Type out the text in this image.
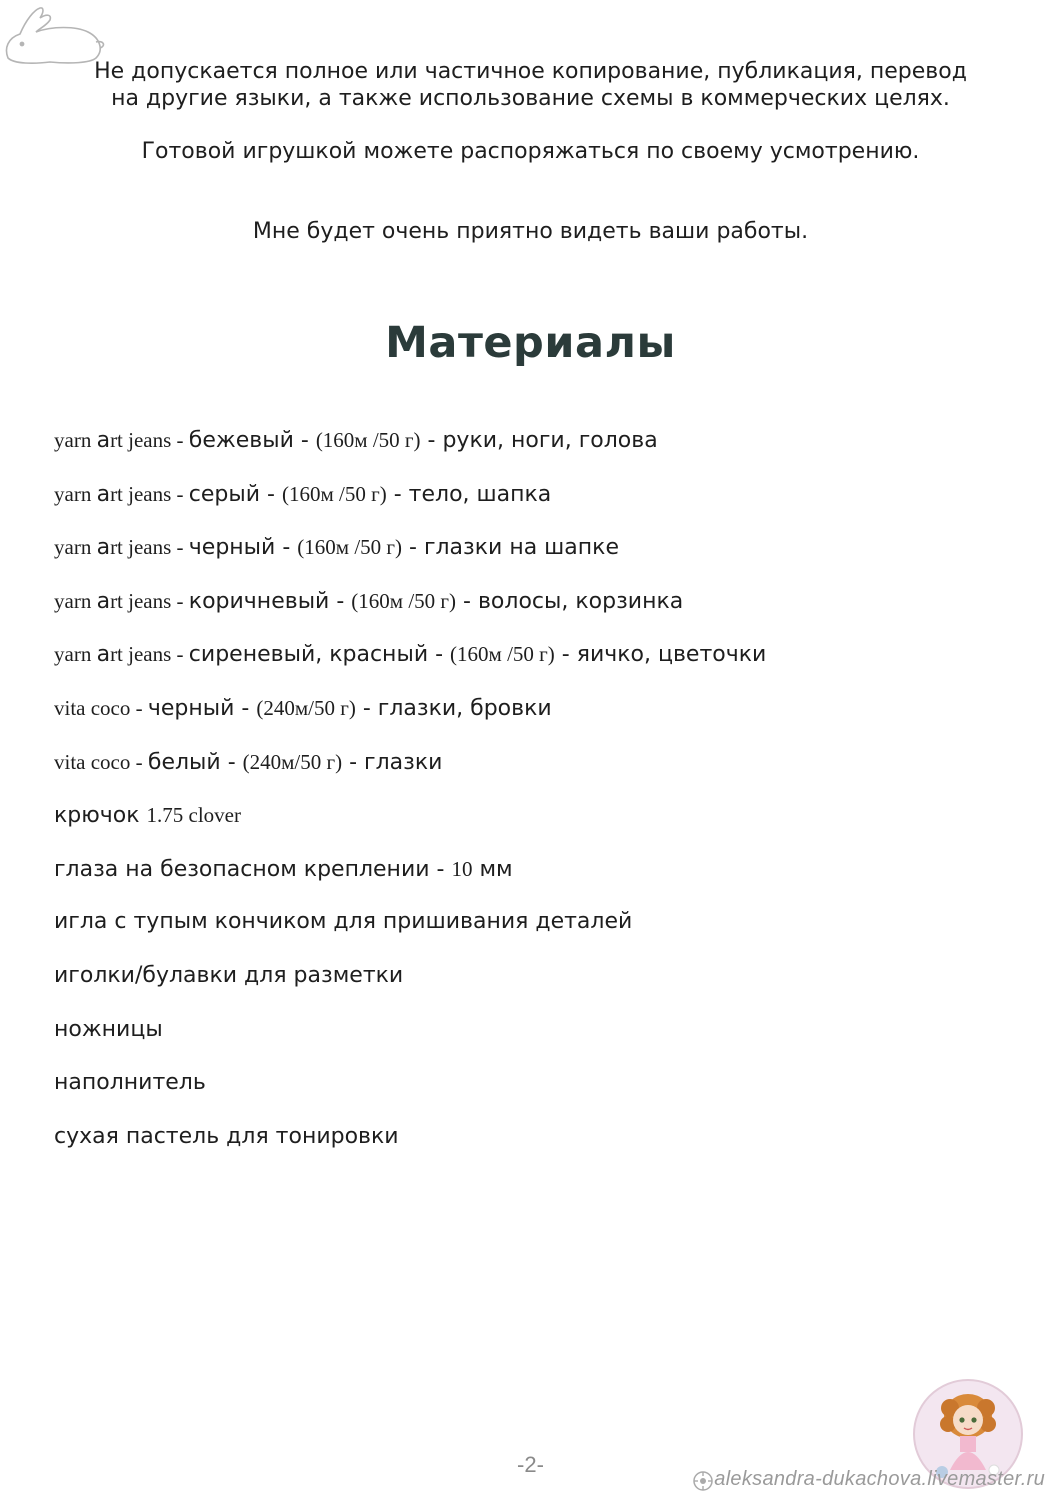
Не допускается полное или частичное копирование, публикация, перевод
на другие языки, а также использование схемы в коммерческих целях.
Готовой игрушкой можете распоряжаться по своему усмотрению.
Мне будет очень приятно видеть ваши работы.
Материалы
yarn art jeans - бежевый - (160м /50 г) - руки, ноги, голова
yarn art jeans - серый - (160м /50 г) - тело, шапка
yarn art jeans - черный - (160м /50 г) - глазки на шапке
yarn art jeans - коричневый - (160м /50 г) - волосы, корзинка
yarn art jeans - сиреневый, красный - (160м /50 г) - яичко, цветочки
vita coco - черный - (240м/50 г) - глазки, бровки
vita coco - белый - (240м/50 г) - глазки
крючок 1.75 clover
глаза на безопасном креплении - 10 мм
игла с тупым кончиком для пришивания деталей
иголки/булавки для разметки
ножницы
наполнитель
сухая пастель для тонировки
-2-
aleksandra-dukachova.livemaster.ru
